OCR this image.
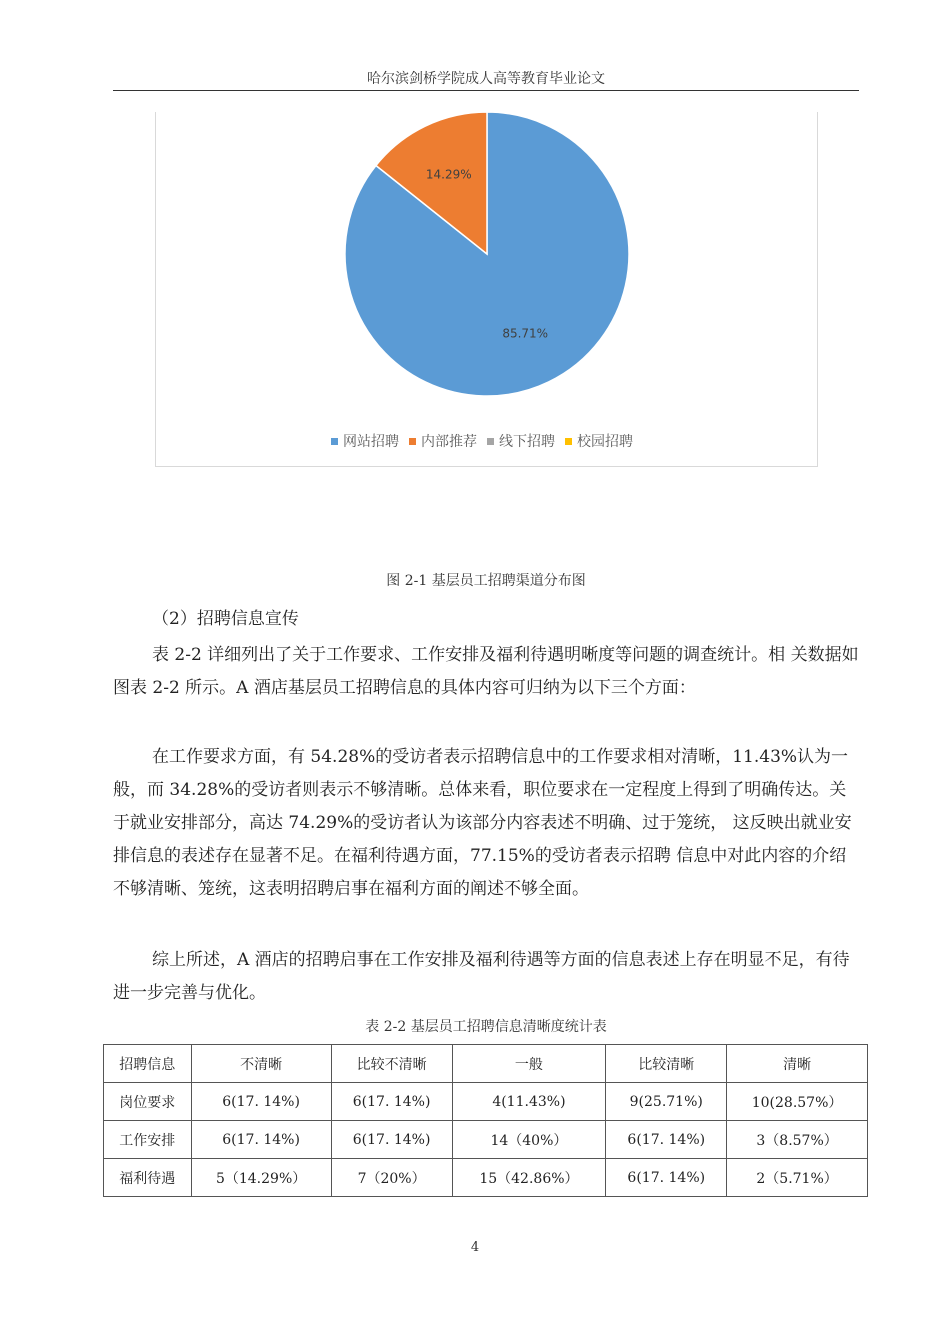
哈尔滨剑桥学院成人高等教育毕业论文
85.71%
14.29%
网站招聘 内部推荐 线下招聘 校园招聘
图 2-1 基层员工招聘渠道分布图

（2）招聘信息宣传

表 2-2 详细列出了关于工作要求、工作安排及福利待遇明晰度等问题的调查统计。相 关数据如图表 2-2 所示。A 酒店基层员工招聘信息的具体内容可归纳为以下三个方面：

在工作要求方面，有 54.28%的受访者表示招聘信息中的工作要求相对清晰，11.43%认为一般，而 34.28%的受访者则表示不够清晰。总体来看，职位要求在一定程度上得到了明确传达。关于就业安排部分，高达 74.29%的受访者认为该部分内容表述不明确、过于笼统， 这反映出就业安排信息的表述存在显著不足。在福利待遇方面，77.15%的受访者表示招聘 信息中对此内容的介绍不够清晰、笼统，这表明招聘启事在福利方面的阐述不够全面。

综上所述，A 酒店的招聘启事在工作安排及福利待遇等方面的信息表述上存在明显不足，有待进一步完善与优化。

表 2-2 基层员工招聘信息清晰度统计表
招聘信息	不清晰	比较不清晰	一般	比较清晰	清晰
岗位要求	6(17. 14%)	6(17. 14%)	4(11.43%)	9(25.71%)	10(28.57%）
工作安排	6(17. 14%)	6(17. 14%)	14（40%）	6(17. 14%)	3（8.57%）
福利待遇	5（14.29%）	7（20%）	15（42.86%）	6(17. 14%)	2（5.71%）
4
